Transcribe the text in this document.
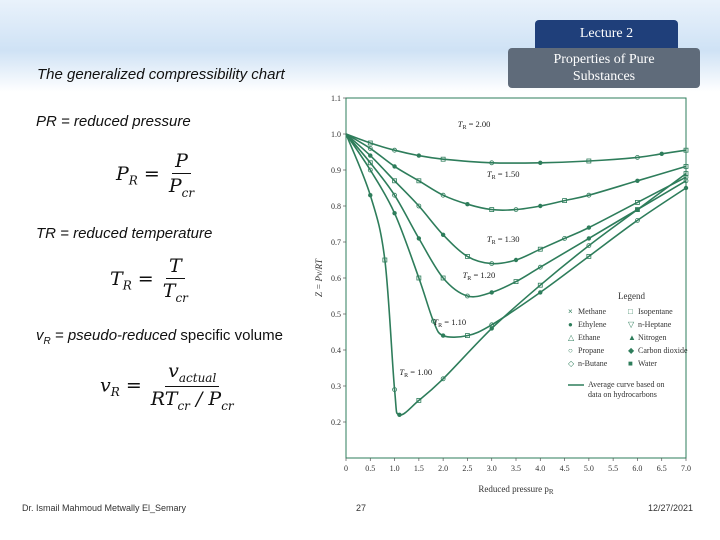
Lecture 2
Properties of Pure
Substances
The generalized compressibility chart
PR = reduced pressure
$P_R = \frac{P}{P_{cr}}$
TR = reduced temperature
$T_R = \frac{T}{T_{cr}}$
$v_R$ = pseudo-reduced specific volume
$v_R = \frac{v_{actual}}{RT_{cr} / P_{cr}}$
1.1
1.0
0.9
0.8
0.7
0.6
0.5
0.4
0.3
0.2
0 0.5 1.0 1.5 2.0 2.5 3.0 3.5 4.0 4.5 5.0 5.5 6.0 6.5 7.0
$T_R = 2.00$
$T_R = 1.50$
$T_R = 1.30$
$T_R = 1.20$
$T_R = 1.10$
$T_R = 1.00$
Z = Pv/RT
Reduced pressure $p_R$
Legend
× Methane
● Ethylene
△ Ethane
○ Propane
◇ n-Butane
□ Isopentane
▽ n-Heptane
▲ Nitrogen
◆ Carbon dioxide
■ Water
Average curve based on
data on hydrocarbons
Dr. Ismail Mahmoud Metwally El_Semary	27	12/27/2021
